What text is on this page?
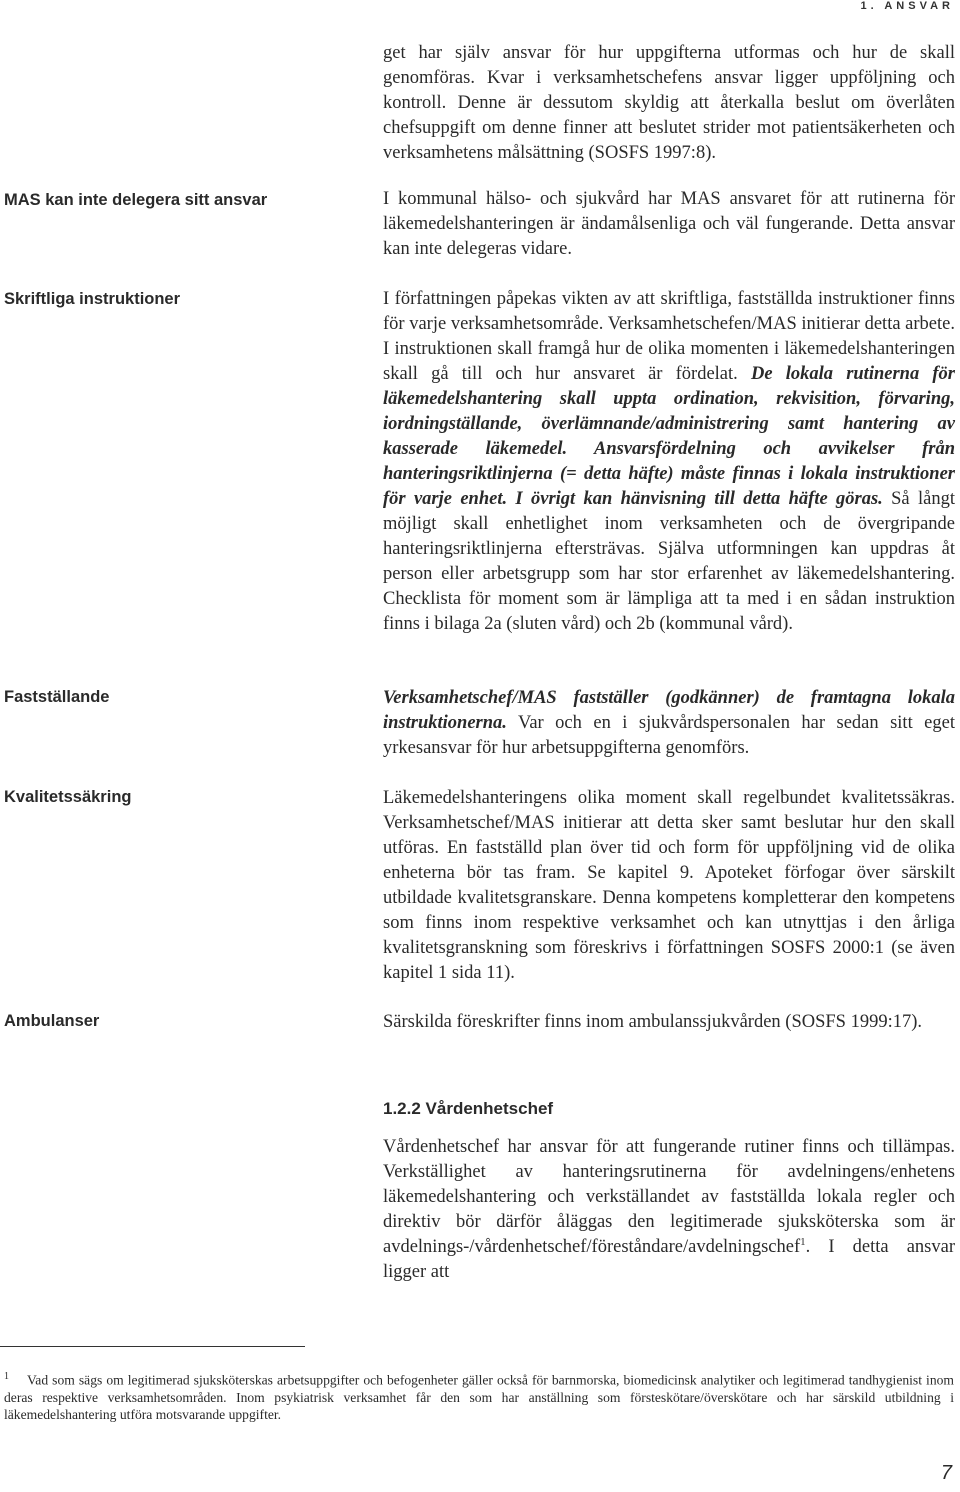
1. ANSVAR
MAS kan inte delegera sitt ansvar
Skriftliga instruktioner
Fastställande
Kvalitetssäkring
Ambulanser

get har själv ansvar för hur uppgifterna utformas och hur de skall genomföras. Kvar i verksamhetschefens ansvar ligger uppföljning och kontroll. Denne är dessutom skyldig att återkalla beslut om överlåten chefsuppgift om denne finner att beslutet strider mot patientsäkerheten och verksamhetens målsättning (SOSFS 1997:8).

I kommunal hälso- och sjukvård har MAS ansvaret för att rutinerna för läkemedelshanteringen är ändamålsenliga och väl fungerande. Detta ansvar kan inte delegeras vidare.

I författningen påpekas vikten av att skriftliga, fastställda instruktioner finns för varje verksamhetsområde. Verksamhetschefen/MAS initierar detta arbete. I instruktionen skall framgå hur de olika momenten i läkemedelshanteringen skall gå till och hur ansvaret är fördelat. De lokala rutinerna för läkemedelshantering skall uppta ordination, rekvisition, förvaring, iordningställande, överlämnande/administrering samt hantering av kasserade läkemedel. Ansvarsfördelning och avvikelser från hanteringsriktlinjerna (= detta häfte) måste finnas i lokala instruktioner för varje enhet. I övrigt kan hänvisning till detta häfte göras. Så långt möjligt skall enhetlighet inom verksamheten och de övergripande hanteringsriktlinjerna eftersträvas. Själva utformningen kan uppdras åt person eller arbetsgrupp som har stor erfarenhet av läkemedelshantering. Checklista för moment som är lämpliga att ta med i en sådan instruktion finns i bilaga 2a (sluten vård) och 2b (kommunal vård).

Verksamhetschef/MAS fastställer (godkänner) de framtagna lokala instruktionerna. Var och en i sjukvårdspersonalen har sedan sitt eget yrkesansvar för hur arbetsuppgifterna genomförs.

Läkemedelshanteringens olika moment skall regelbundet kvalitetssäkras. Verksamhetschef/MAS initierar att detta sker samt beslutar hur den skall utföras. En fastställd plan över tid och form för uppföljning vid de olika enheterna bör tas fram. Se kapitel 9. Apoteket förfogar över särskilt utbildade kvalitetsgranskare. Denna kompetens kompletterar den kompetens som finns inom respektive verksamhet och kan utnyttjas i den årliga kvalitetsgranskning som föreskrivs i författningen SOSFS 2000:1 (se även kapitel 1 sida 11).

Särskilda föreskrifter finns inom ambulanssjukvården (SOSFS 1999:17).

1.2.2 Vårdenhetschef

Vårdenhetschef har ansvar för att fungerande rutiner finns och tillämpas. Verkställighet av hanteringsrutinerna för avdelningens/enhetens läkemedelshantering och verkställandet av fastställda lokala regler och direktiv bör därför åläggas den legitimerade sjuksköterska som är avdelnings-/vårdenhetschef/föreståndare/avdelningschef$^1$. I detta ansvar ligger att

$^1$ Vad som sägs om legitimerad sjuksköterskas arbetsuppgifter och befogenheter gäller också för barnmorska, biomedicinsk analytiker och legitimerad tandhygienist inom deras respektive verksamhetsområden. Inom psykiatrisk verksamhet får den som har anställning som försteskötare/överskötare och har särskild utbildning i läkemedelshantering utföra motsvarande uppgifter.
7
